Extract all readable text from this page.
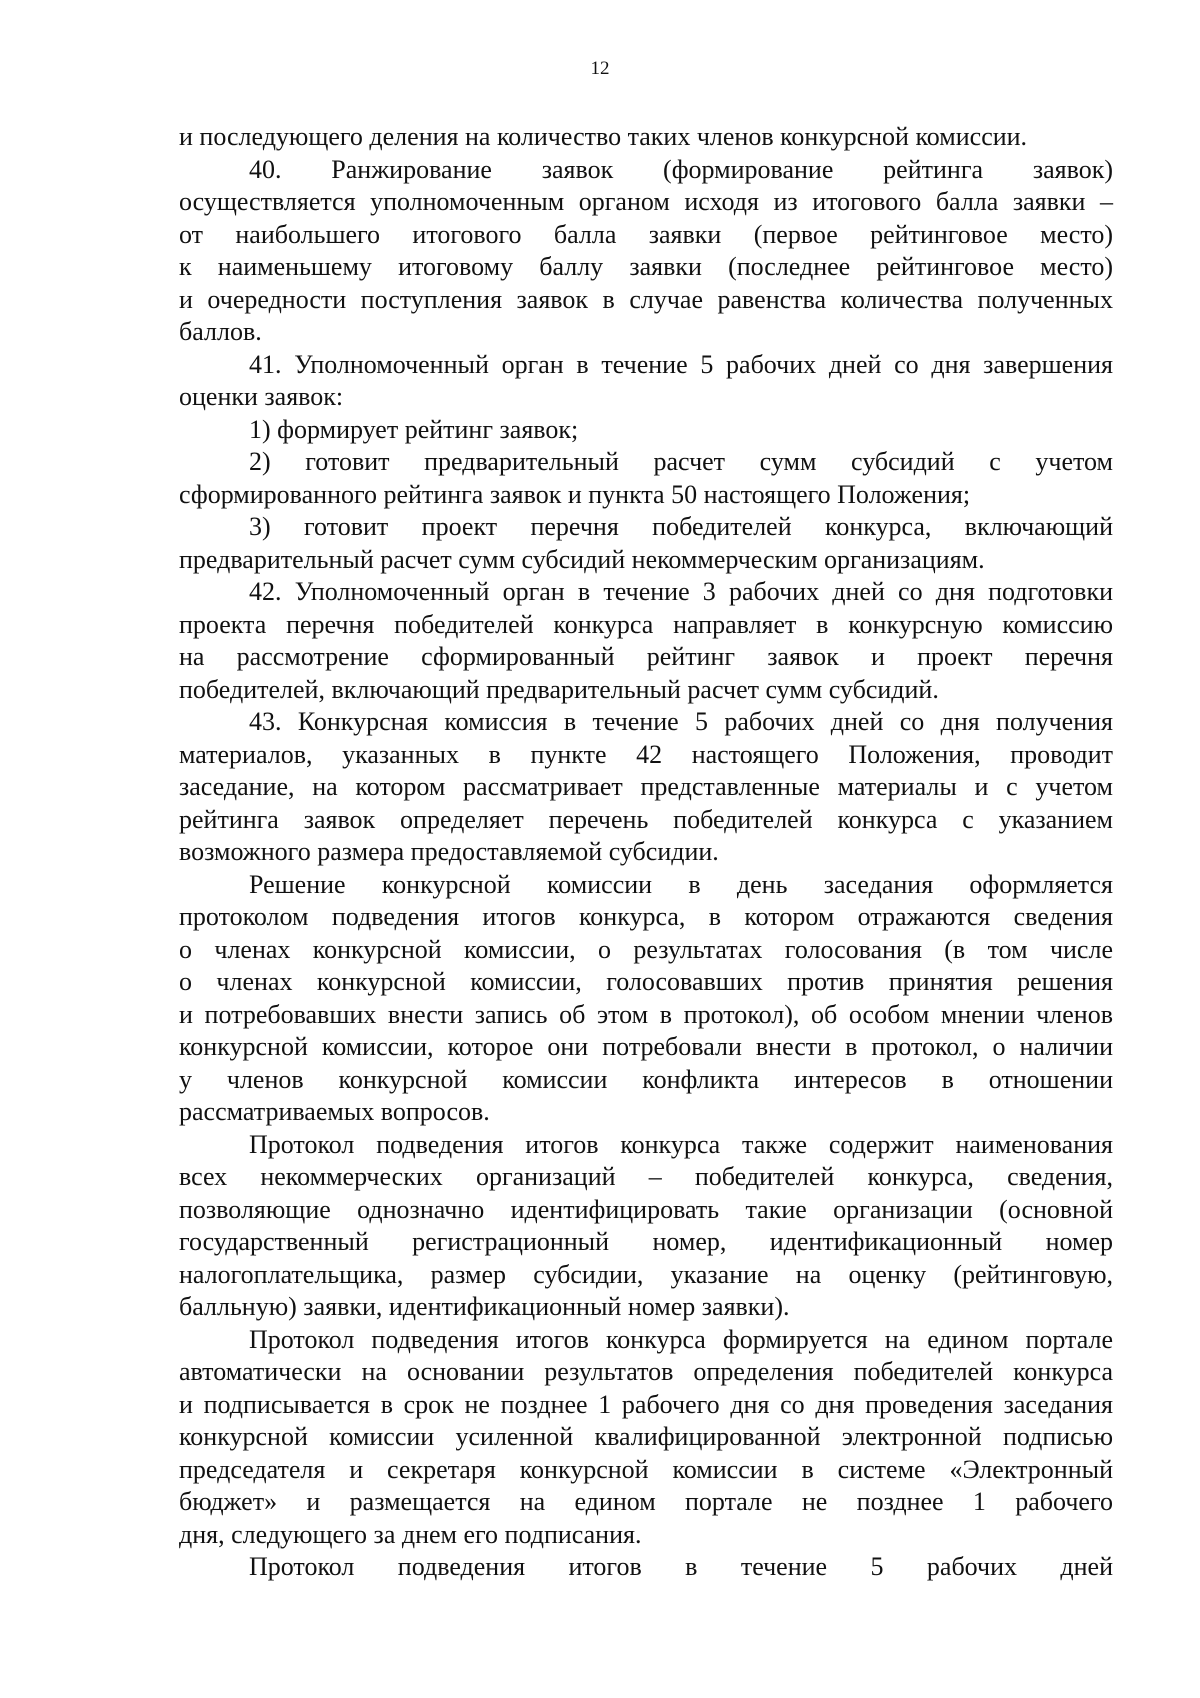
12
и последующего деления на количество таких членов конкурсной комиссии.
40. Ранжирование заявок (формирование рейтинга заявок)
осуществляется уполномоченным органом исходя из итогового балла заявки –
от наибольшего итогового балла заявки (первое рейтинговое место)
к наименьшему итоговому баллу заявки (последнее рейтинговое место)
и очередности поступления заявок в случае равенства количества полученных
баллов.
41. Уполномоченный орган в течение 5 рабочих дней со дня завершения
оценки заявок:
1) формирует рейтинг заявок;
2) готовит предварительный расчет сумм субсидий с учетом
сформированного рейтинга заявок и пункта 50 настоящего Положения;
3) готовит проект перечня победителей конкурса, включающий
предварительный расчет сумм субсидий некоммерческим организациям.
42. Уполномоченный орган в течение 3 рабочих дней со дня подготовки
проекта перечня победителей конкурса направляет в конкурсную комиссию
на рассмотрение сформированный рейтинг заявок и проект перечня
победителей, включающий предварительный расчет сумм субсидий.
43. Конкурсная комиссия в течение 5 рабочих дней со дня получения
материалов, указанных в пункте 42 настоящего Положения, проводит
заседание, на котором рассматривает представленные материалы и с учетом
рейтинга заявок определяет перечень победителей конкурса с указанием
возможного размера предоставляемой субсидии.
Решение конкурсной комиссии в день заседания оформляется
протоколом подведения итогов конкурса, в котором отражаются сведения
о членах конкурсной комиссии, о результатах голосования (в том числе
о членах конкурсной комиссии, голосовавших против принятия решения
и потребовавших внести запись об этом в протокол), об особом мнении членов
конкурсной комиссии, которое они потребовали внести в протокол, о наличии
у членов конкурсной комиссии конфликта интересов в отношении
рассматриваемых вопросов.
Протокол подведения итогов конкурса также содержит наименования
всех некоммерческих организаций – победителей конкурса, сведения,
позволяющие однозначно идентифицировать такие организации (основной
государственный регистрационный номер, идентификационный номер
налогоплательщика, размер субсидии, указание на оценку (рейтинговую,
балльную) заявки, идентификационный номер заявки).
Протокол подведения итогов конкурса формируется на едином портале
автоматически на основании результатов определения победителей конкурса
и подписывается в срок не позднее 1 рабочего дня со дня проведения заседания
конкурсной комиссии усиленной квалифицированной электронной подписью
председателя и секретаря конкурсной комиссии в системе «Электронный
бюджет» и размещается на едином портале не позднее 1 рабочего
дня, следующего за днем его подписания.
Протокол подведения итогов в течение 5 рабочих дней
